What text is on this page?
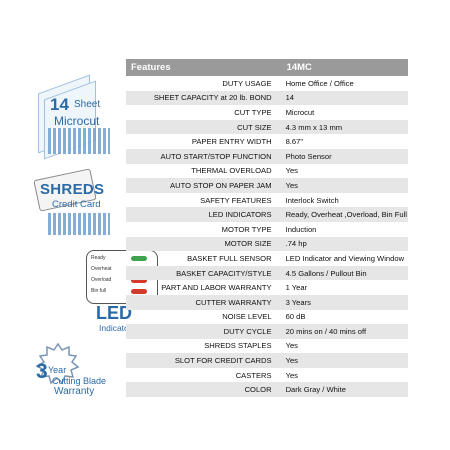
14 Sheet
Microcut
SHREDS
Credit Card
Ready
Overheat
Overload
Bin full
LED
Indicators
3 Year
Cutting Blade
Warranty
Features	14MC
DUTY USAGE	Home Office / Office
SHEET CAPACITY at 20 lb. BOND	14
CUT TYPE	Microcut
CUT SIZE	4.3 mm x 13 mm
PAPER ENTRY WIDTH	8.67"
AUTO START/STOP FUNCTION	Photo Sensor
THERMAL OVERLOAD	Yes
AUTO STOP ON PAPER JAM	Yes
SAFETY FEATURES	Interlock Switch
LED INDICATORS	Ready, Overheat ,Overload, Bin Full
MOTOR TYPE	Induction
MOTOR SIZE	.74 hp
BASKET FULL SENSOR	LED Indicator and Viewing Window
BASKET CAPACITY/STYLE	4.5 Gallons / Pullout Bin
PART AND LABOR WARRANTY	1 Year
CUTTER WARRANTY	3 Years
NOISE LEVEL	60 dB
DUTY CYCLE	20 mins on / 40 mins off
SHREDS STAPLES	Yes
SLOT FOR CREDIT CARDS	Yes
CASTERS	Yes
COLOR	Dark Gray / White
